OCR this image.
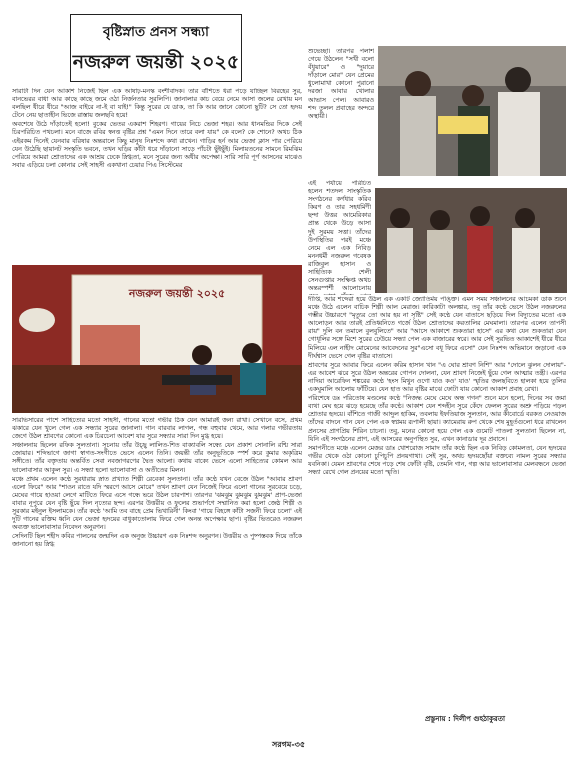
বৃষ্টিস্নাত প্রনস সন্ধ্যা
নজরুল জয়ন্তী ২০২৫

সারাটা দিন যেন আকাশ নিজেই ছিল এক আষাঢ়-মনস্ক বংশীবাদক। তার বাঁশিতে ধরা পড়ে যাচ্ছিল বিরহের সুর, বানভেরর বাধা আর কাছে কাছে জমে ওঠা নির্জনতার সুরলিপি। জানালার কাচ বেয়ে নেমে আসা জলের রেখায় মন বলছিল ধীরে ধীরে "আজ বাইরে না-ই বা যাই!" কিন্তু সুরের যে ডাক, তা কি আর জানে কোনো ছুটি? সে তো হৃদয় টেনে নেয় ছাতাহীন ভিজে রাস্তায় জলছবি হয়ে!

অবশেষে উঠে দাঁড়াতেই হলো! বুকের ভেতর একরাশ শিহরণ। গায়ের নিচে ভেজা শহর। আর ধানমন্ডির দিকে সেই চিরপরিচিত পথচলা। মনে বাজে রবির স্বনত্ত বৃষ্টির প্রশ্ন "এমন দিনে তারে বলা যায়" কে বলে? কে শোনে? অথচ ঠিক এইরকম দিনেই যেনবার বরিষার অন্তরালে কিছু মানুষ নিঃশব্দে কথা রাখেন। গাড়ির হর্ন আর ভেজা ক্লাস পার পেরিয়ে যেন উঠেছি ছায়ানট সংস্কৃতি ভবনে, তখন ঘড়ির কাঁটা ধরে দাঁড়ানো সাড়ে পাঁচটা ছুঁইছুঁই। মিলায়তনের সামনে রিমঝিম পেরিয়ে আমরা শ্রোতাদের এক আশ্রয় ঢেকে স্নিগ্ধতা, মনে সুরের জন্য অধীর অপেক্ষা। সারি সারি পূর্ণ আসনের মাঝেও সবার এড়িয়ে চলা কোনার সেই সাহসী একখানা চেয়ার পিএ সিস্টেমের

নজরুল জয়ন্তী ২০২৫

সারভিসারের পাশে সাহিত্যের মতো সাহসী, গানের মতো গভীর ঠিক যেন আমারই জন্য রাখা। সেখানে বসে, প্রথম ঝকারে যেন খুলে গেল এক সন্ধ্যার সুরের জানালা। গান বারবার লাগল, গন্ধ বহুবার থেমে, আর গলার গভীরতায় জেগে উঠল শ্রাবণের কোনো এক চিরচেনা আবেশ যার সুরে সন্ধ্যার সারা দিন মুগ্ধ হয়ে।

সঞ্চালনায় ছিলেন রফিক সুলতানা। সূচনায় তাঁর উচ্ছ্ব লালিত-শিত বাক্যাবলি সন্ধ্যে যেন প্রকাশ সোনালি রশ্মি সারা জোয়ার। শব্দিভাগে জাগা স্বাগত-সংগীতে ভেসে এলেন তিনি। জয়ন্তী তাঁর অনুভূতিকে স্পর্শ করে কুমার অকৃত্রিম সঙ্গীতে। তাঁর বক্তৃতায় অন্তর্বিত সেবা নবজাগরণের দ্বৈত আলো। কথায় বাক্যে ভেসে এলো সাহিত্যের কোমল আর ভালোবাসার আকুল সুর। এ সন্ধ্যা হলো ভালোবাসা ও অতীতের মিলন।

মঞ্চে প্রথম এলেন কণ্ঠে সুরধারায় স্নাত প্রখ্যাত শিল্পী রেবেকা সুলতানা। তাঁর কণ্ঠে যখন বেজে উঠল "আবার শ্রাবণ এলো ফিরে" আর "শাওন রাতে যদি স্মরণে আসে মোরে" তখন শ্রাবণ যেন নিজেই ফিরে এলো গানের সুরবেয়ে চড়ে, মেঘের গায়ে হাওয়া লেগে মাটিতে ফিরে এসে গন্ধে ভরে উঠল চারপাশ। তারপর 'ঝমঝুম ঝুমঝুম ঝুমঝুম' প্রাণ-ভেজা বাবার নূপুরে যেন বৃষ্টি ছুঁয়ে দিল নৃত্যের ছন্দ। এরপর উত্তরীয় ও ফুলের শুভার্পণে সম্মানিত করা হলো জেষ্ঠ শিল্পী ও সুরকার মইনুল ইসলামকে। তাঁর কণ্ঠে 'আমি তব বাহে প্রেম ভিখারিনী' কিংবা 'গায়ে বিহঙ্গে কাঁটা সজনী ফিরে চলো' এই দুটি গানের রক্তিম ধ্বনি যেন ভেজা হৃদয়ের বাধুকাতোলায় ফিরে গেল অনন্ত অপেক্ষার ছাপ। বৃষ্টির ভিতরেও নজরুল অব্যক্ত ভালোবাসার নিবেদন অনুরণন।

সেদিনটি ছিল শহীদ কবির পালনের জন্মদিন এক অনুজ উচ্চারণ এক নিঃশব্দ অনুরণন। উত্তরীয় ও পুষ্পস্তবক দিয়ে তাঁকে জানানো হয় স্নিগ্ধ

শুভেচ্ছা। তারপর পলাশ গেয়ে উঠলেন "সখী বলো বঁধুয়ারে" ও "দুয়ারে দাঁড়ালে মোর" যেন প্রেমের ধুলোমাখা কোনো পুরানো দরজা আবার খোলার আভাস পেল। আবারও শব্দ তুলল প্রবাহের অন্দরে অস্থায়ী।

এই পর্যায়ে পরিচিত হলেন শতদল সাংস্কৃতিক সংগঠনের কর্ণধার করিব কিরণ ও তার সহধর্মিণী ছন্দা উত্তর আমেরিকার প্রান্ত থেকে উড়ে আসা দুই সুরময় সত্তা। তাঁদের উপস্থিতির পরই মঞ্চে নেমে এল এক নিবিড় মননধর্মী নজরুল গবেষক রাজিবুল হাসান ও সাহিত্যিক শেলী সেনগুপ্তার সংক্ষিপ্ত অথচ অন্তরস্পর্শী আলোচনায়

দীপ্তি, আর শব্দেরা হয়ে উঠল এক একটি জ্যোতির্ময় পঙ্ক্তি। এমন সময় সঞ্চালনের আচমকা ডাক শুনে মঞ্চে উঠে এলেন বাচিক শিল্পী আল মেরাজ। কারিকাটা অলঙ্কার, তবু তাঁর কণ্ঠে ভেসে উঠল নজরুলের গম্ভীর উচ্চারণে "মৃত্যুর তো আর হয় না সৃষ্টি" সেই কণ্ঠে যেন বাতাসে ছড়িয়ে দিল বিদ্যুতের মতো এক আলোড়ন আর তারই প্রতিধ্বনিতে গর্জে উঠল শ্রোতাদের করতালির মেঘমালা। তারপর এলেন তাপসী রায়" দুলি বন তমালে বুলবুলিতে" আর "আসে আকাশে শুকতারা হাসে" এর কথা যেন শুকতারা যেন গোধূলির সঙ্গে মিশে সুরের ঢেউয়ে সন্ধ্যা পেল এক বাজারের স্বরে। আর সেই সুরভিত আকাশেই ধীরে ধীরে মিলিয়ে এল নাহীদ মোমেনের আবেদনের সুর"এসো বধূ ফিরে এসো" যেন নিঃশব্দ অভিমানে জড়ানো এক দীর্ঘশ্বাস ভেসে গেল বৃষ্টির বাতাসে।

শ্রাবণের সুরে আবার ফিরে এলেন করিম হাসান খান "এ ঘোর শ্রাবণ নিশি" আর "দোলে ঝুলন দোলায়"-এর আবেশ ঝরে সুরে উঠল অন্তরের গোপন দোলনা, যেন শ্রাবণ নিজেই ছুঁয়ে গেল আত্মার তন্ত্রী। এরপর নাদিয়া আরেফিন শঙ্করের কণ্ঠে 'হংস মিথুন ওগো যাও কও' যাও' স্মৃতির জলছবিতে হালকা হয়ে তুলির একঘুমালি আলোয় ফাঁটিয়ে। যেন হাত আর বৃষ্টির মাঝে ফোটা যায় কোনো আকাশ প্রবাহ রেখা।

পরিশেষে ডঃ পরিতোষ মণ্ডলের কণ্ঠে "নিজদ্ধ মেঘে মেঘে অন্ধ গগন" শুনে মনে হলো, দিনের সব জমা ব্যথা মেঘ হয়ে ঝড়ে হয়েছে তাঁর কণ্ঠে। আকাশ যেন শব্দহীন সুরে কেঁদে ফেলল সুরের অশ্রু পড়িয়ে পড়ল শ্রোতার হৃদয়ে। বাঁশিতে গাজী আব্দুল হাকিম, তবলায় ইফতিয়াজ সুলতান, আর কীবোর্ডে বরকত নেওয়াজ তাঁদের বাদনে গান যেন পেল এক স্বপ্নময় রূপালী ছায়া। ক্যামেরায় রুপ থেকে শেষ মুহূর্তগুলো ধরে রাখলেন প্রনসের প্রাণপ্রিয় শিরিন চাচনা। তবু, মনের কোনো হয়ে গেল এক গুমোট পাতলা সুলতানা ছিলেন না, যিনি এই সংগঠনের প্রাণ, এই আসরের অনুপস্থিত সুর, এখন কানাডার দূর প্রবাসে।

সমাপনীতে মঞ্চে এলেন মেজর ডাঃ খোশরোজ সামাদ তাঁর কণ্ঠে ছিল এক নিবিড় কোমলতা, যেন হৃদয়ের গভীর থেকে ওঠা কোনো চুপিচুপি প্রনয়গাথা। সেই সুর, অথচ হৃদয়ছোঁয়া বক্তব্যে নামল সুরের সন্ধ্যার যবনিকা। যেমন শ্রাবণের শেষে পড়ে শেষ ফোঁটা বৃষ্টি, তেমনি গান, গল্প আর ভালোবাসার মেলবন্ধনে ভেজা সন্ধ্যা রেখে গেল প্রনয়ের মতো স্মৃতি।

প্রস্তুনায় : দিলীপ গুহঠাকুরতা
সরগম-৩৫
